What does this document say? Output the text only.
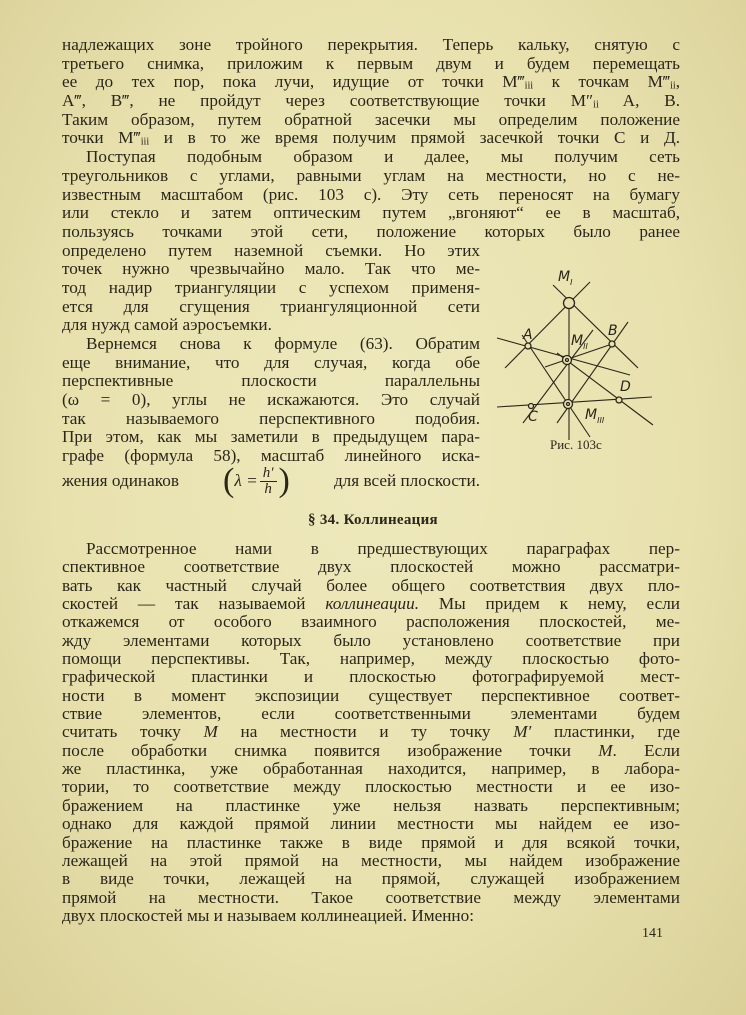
надлежащих зоне тройного перекрытия. Теперь кальку, снятую с
третьего снимка, приложим к первым двум и будем перемещать
ее до тех пор, пока лучи, идущие от точки M‴ᵢᵢᵢ к точкам M‴ᵢᵢ,
A‴, B‴, не пройдут через соответствующие точки M″ᵢᵢ A, B.
Таким образом, путем обратной засечки мы определим положение
точки M‴ᵢᵢᵢ и в то же время получим прямой засечкой точки С и Д.
Поступая подобным образом и далее, мы получим сеть
треугольников с углами, равными углам на местности, но с не-
известным масштабом (рис. 103 с). Эту сеть переносят на бумагу
или стекло и затем оптическим путем „вгоняют“ ее в масштаб,
пользуясь точками этой сети, положение которых было ранее
определено путем наземной съемки. Но этих
точек нужно чрезвычайно мало. Так что ме-
тод надир триангуляции с успехом применя-
ется для сгущения триангуляционной сети
для нужд самой аэросъемки.
Вернемся снова к формуле (63). Обратим
еще внимание, что для случая, когда обе
перспективные плоскости параллельны
(ω = 0), углы не искажаются. Это случай
так называемого перспективного подобия.
При этом, как мы заметили в предыдущем пара-
графе (формула 58), масштаб линейного иска-
жения одинаков ( $\lambda = \frac{h'}{h}$ )	для всей плоскости.
$M_I$
A	B
$M_{II}$
D
C	$M_{III}$
Рис. 103с
§ 34. Коллинеация
Рассмотренное нами в предшествующих параграфах пер-
спективное соответствие двух плоскостей можно рассматри-
вать как частный случай более общего соответствия двух пло-
скостей — так называемой коллинеации. Мы придем к нему, если
откажемся от особого взаимного расположения плоскостей, ме-
жду элементами которых было установлено соответствие при
помощи перспективы. Так, например, между плоскостью фото-
графической пластинки и плоскостью фотографируемой мест-
ности в момент экспозиции существует перспективное соответ-
ствие элементов, если соответственными элементами будем
считать точку M на местности и ту точку M′ пластинки, где
после обработки снимка появится изображение точки M. Если
же пластинка, уже обработанная находится, например, в лабора-
тории, то соответствие между плоскостью местности и ее изо-
бражением на пластинке уже нельзя назвать перспективным;
однако для каждой прямой линии местности мы найдем ее изо-
бражение на пластинке также в виде прямой и для всякой точки,
лежащей на этой прямой на местности, мы найдем изображение
в виде точки, лежащей на прямой, служащей изображением
прямой на местности. Такое соответствие между элементами
двух плоскостей мы и называем коллинеацией. Именно:
141
